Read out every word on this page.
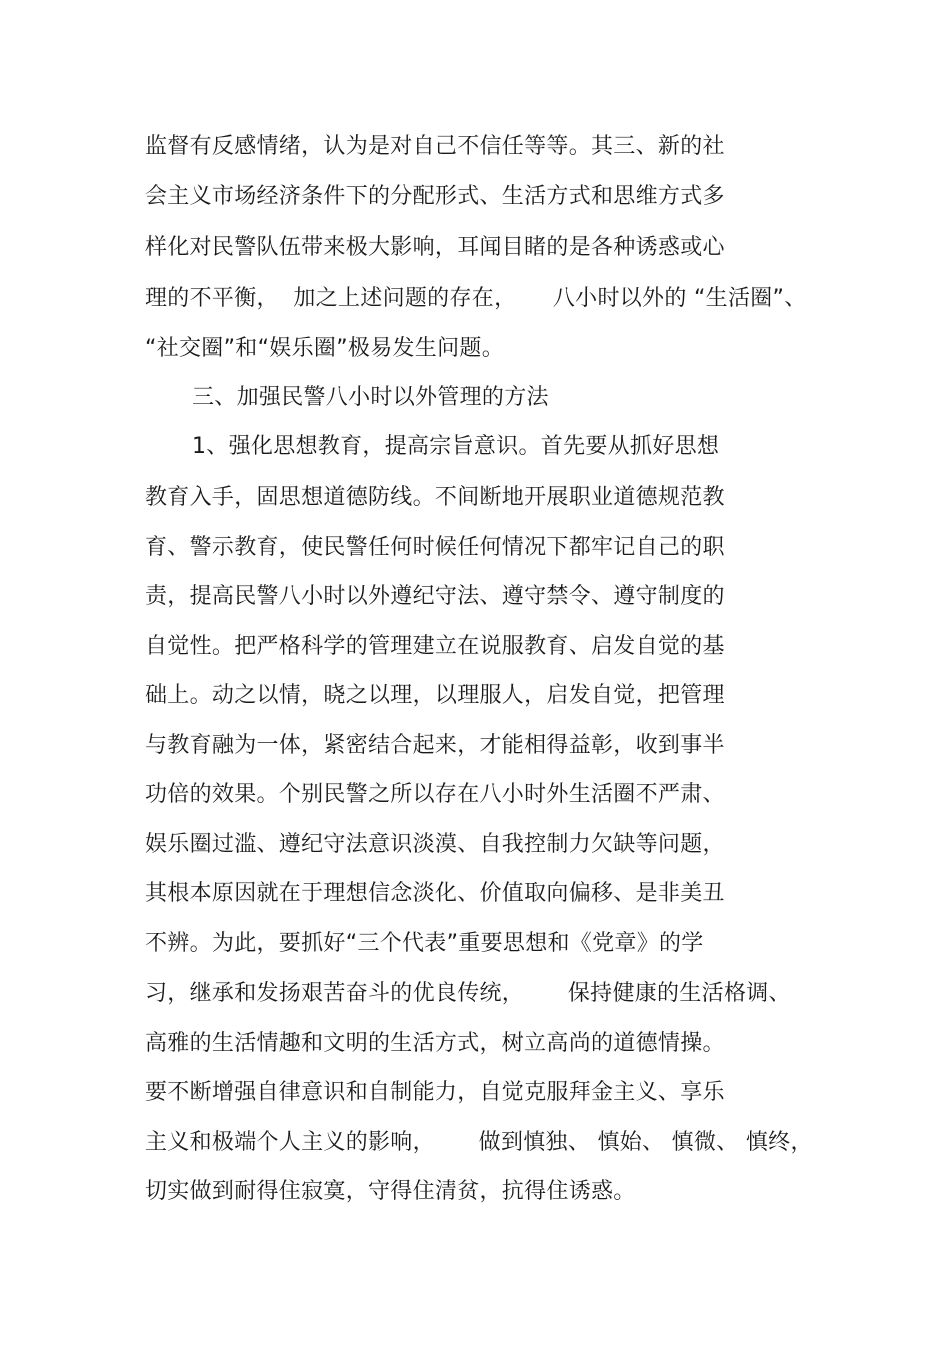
监督有反感情绪，认为是对自己不信任等等。其三、新的社
会主义市场经济条件下的分配形式、生活方式和思维方式多
样化对民警队伍带来极大影响，耳闻目睹的是各种诱惑或心
理的不平衡，  加之上述问题的存在，     八小时以外的 “生活圈”、
“社交圈”和“娱乐圈”极易发生问题。
三、加强民警八小时以外管理的方法
1、强化思想教育，提高宗旨意识。首先要从抓好思想
教育入手，固思想道德防线。不间断地开展职业道德规范教
育、警示教育，使民警任何时候任何情况下都牢记自己的职
责，提高民警八小时以外遵纪守法、遵守禁令、遵守制度的
自觉性。把严格科学的管理建立在说服教育、启发自觉的基
础上。动之以情，晓之以理，以理服人，启发自觉，把管理
与教育融为一体，紧密结合起来，才能相得益彰，收到事半
功倍的效果。个别民警之所以存在八小时外生活圈不严肃、
娱乐圈过滥、遵纪守法意识淡漠、自我控制力欠缺等问题，
其根本原因就在于理想信念淡化、价值取向偏移、是非美丑
不辨。为此，要抓好“三个代表”重要思想和《党章》的学
习，继承和发扬艰苦奋斗的优良传统，      保持健康的生活格调、
高雅的生活情趣和文明的生活方式，树立高尚的道德情操。
要不断增强自律意识和自制能力，自觉克服拜金主义、享乐
主义和极端个人主义的影响，      做到慎独、 慎始、 慎微、 慎终，
切实做到耐得住寂寞，守得住清贫，抗得住诱惑。
